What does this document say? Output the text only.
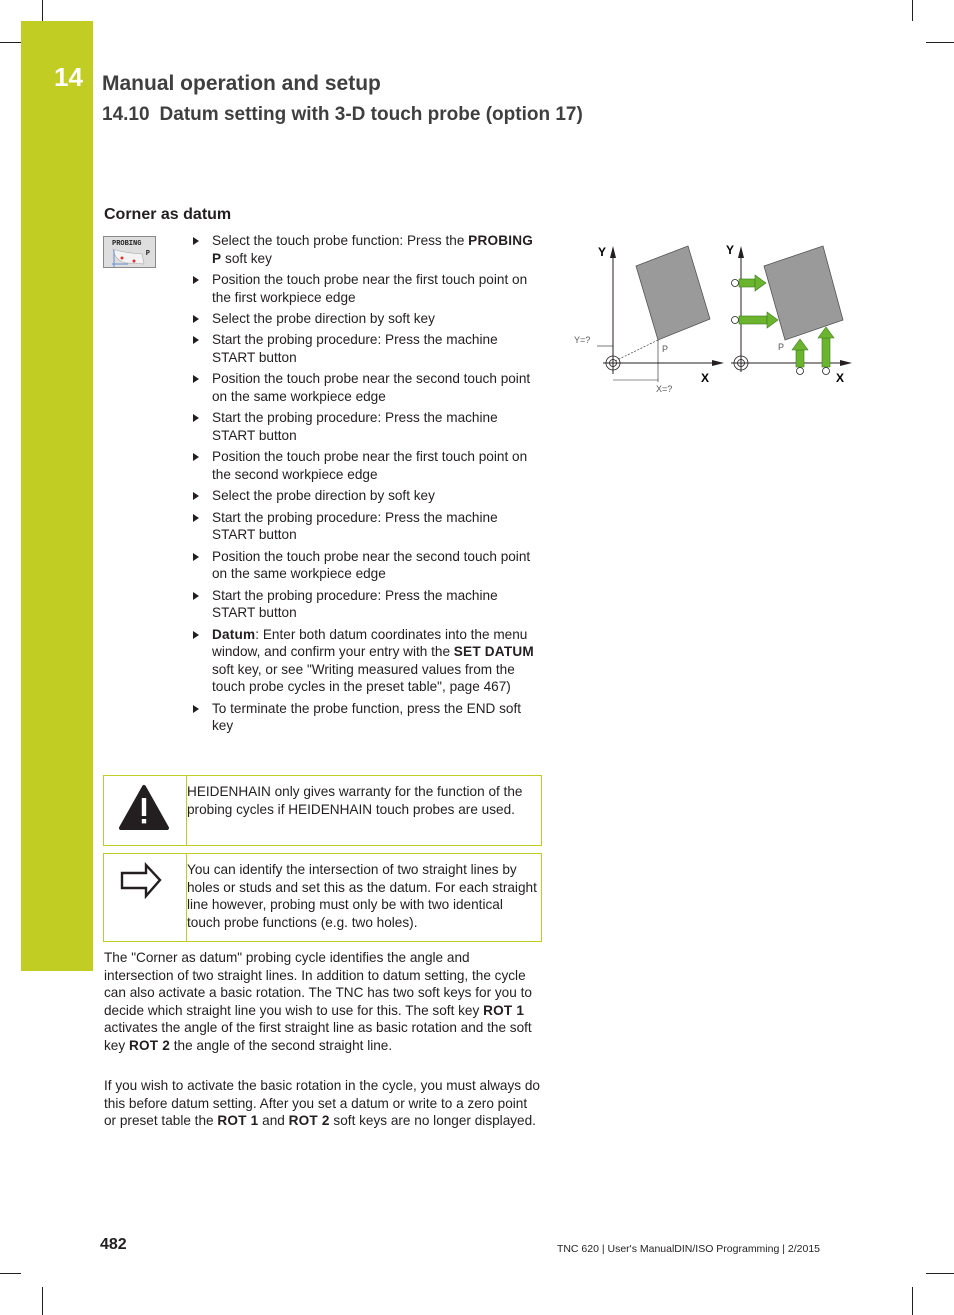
14 Manual operation and setup
14.10 Datum setting with 3-D touch probe (option 17)
Corner as datum
PROBING
P
Select the touch probe function: Press the PROBING P soft key
Position the touch probe near the first touch point on the first workpiece edge
Select the probe direction by soft key
Start the probing procedure: Press the machine START button
Position the touch probe near the second touch point on the same workpiece edge
Start the probing procedure: Press the machine START button
Position the touch probe near the first touch point on the second workpiece edge
Select the probe direction by soft key
Start the probing procedure: Press the machine START button
Position the touch probe near the second touch point on the same workpiece edge
Start the probing procedure: Press the machine START button
Datum: Enter both datum coordinates into the menu window, and confirm your entry with the SET DATUM soft key, or see "Writing measured values from the touch probe cycles in the preset table", page 467)
To terminate the probe function, press the END soft key
Y
X
P
Y=?
X=?
Y
X
P
HEIDENHAIN only gives warranty for the function of the probing cycles if HEIDENHAIN touch probes are used.
You can identify the intersection of two straight lines by holes or studs and set this as the datum. For each straight line however, probing must only be with two identical touch probe functions (e.g. two holes).

The "Corner as datum" probing cycle identifies the angle and intersection of two straight lines. In addition to datum setting, the cycle can also activate a basic rotation. The TNC has two soft keys for you to decide which straight line you wish to use for this. The soft key ROT 1 activates the angle of the first straight line as basic rotation and the soft key ROT 2 the angle of the second straight line.

If you wish to activate the basic rotation in the cycle, you must always do this before datum setting. After you set a datum or write to a zero point or preset table the ROT 1 and ROT 2 soft keys are no longer displayed.

482	TNC 620 | User's ManualDIN/ISO Programming | 2/2015
